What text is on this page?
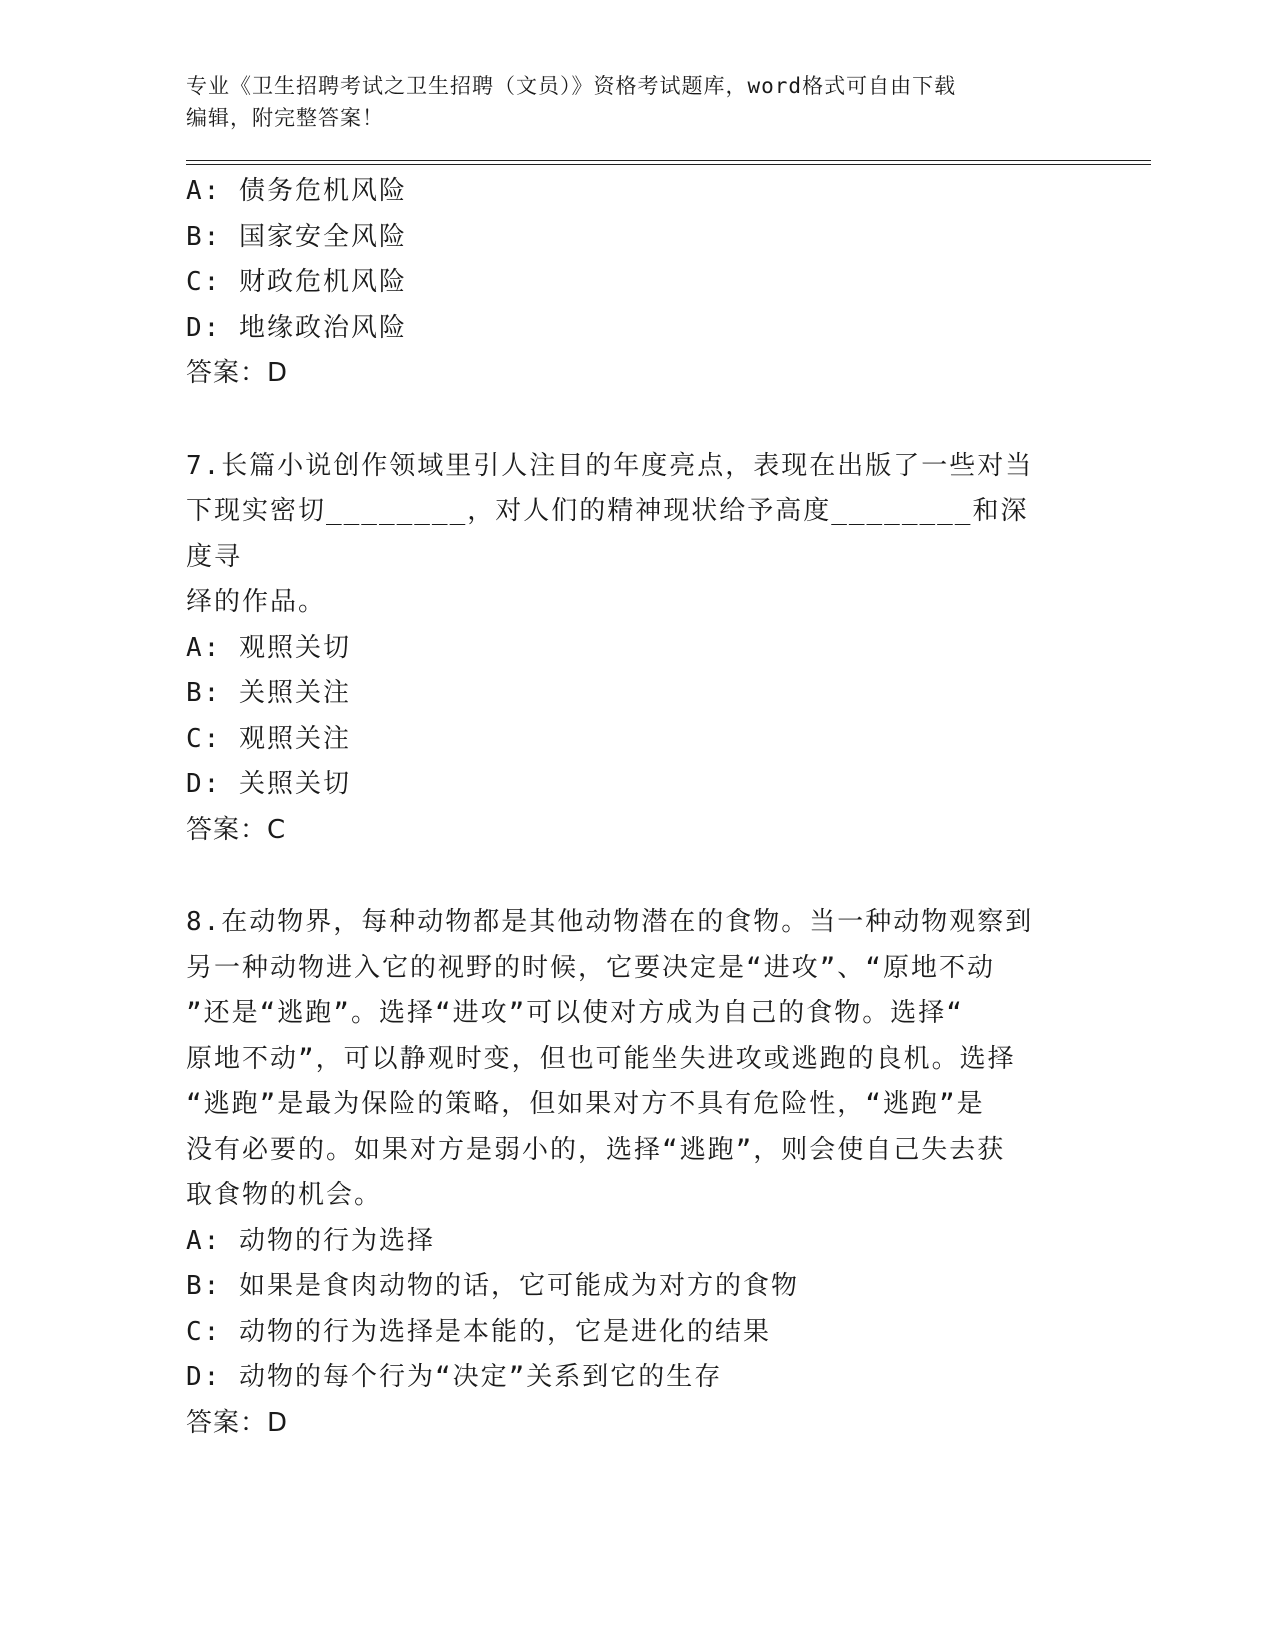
专业《卫生招聘考试之卫生招聘（文员）》资格考试题库，word格式可自由下载
编辑，附完整答案！
A: 债务危机风险
B: 国家安全风险
C: 财政危机风险
D: 地缘政治风险
答案：D
7.长篇小说创作领域里引人注目的年度亮点，表现在出版了一些对当
下现实密切________，对人们的精神现状给予高度________和深度寻
绎的作品。
A: 观照关切
B: 关照关注
C: 观照关注
D: 关照关切
答案：C
8.在动物界，每种动物都是其他动物潜在的食物。当一种动物观察到
另一种动物进入它的视野的时候，它要决定是“进攻”、“原地不动
”还是“逃跑”。选择“进攻”可以使对方成为自己的食物。选择“
原地不动”，可以静观时变，但也可能坐失进攻或逃跑的良机。选择
“逃跑”是最为保险的策略，但如果对方不具有危险性，“逃跑”是
没有必要的。如果对方是弱小的，选择“逃跑”，则会使自己失去获
取食物的机会。
A: 动物的行为选择
B: 如果是食肉动物的话，它可能成为对方的食物
C: 动物的行为选择是本能的，它是进化的结果
D: 动物的每个行为“决定”关系到它的生存
答案：D
